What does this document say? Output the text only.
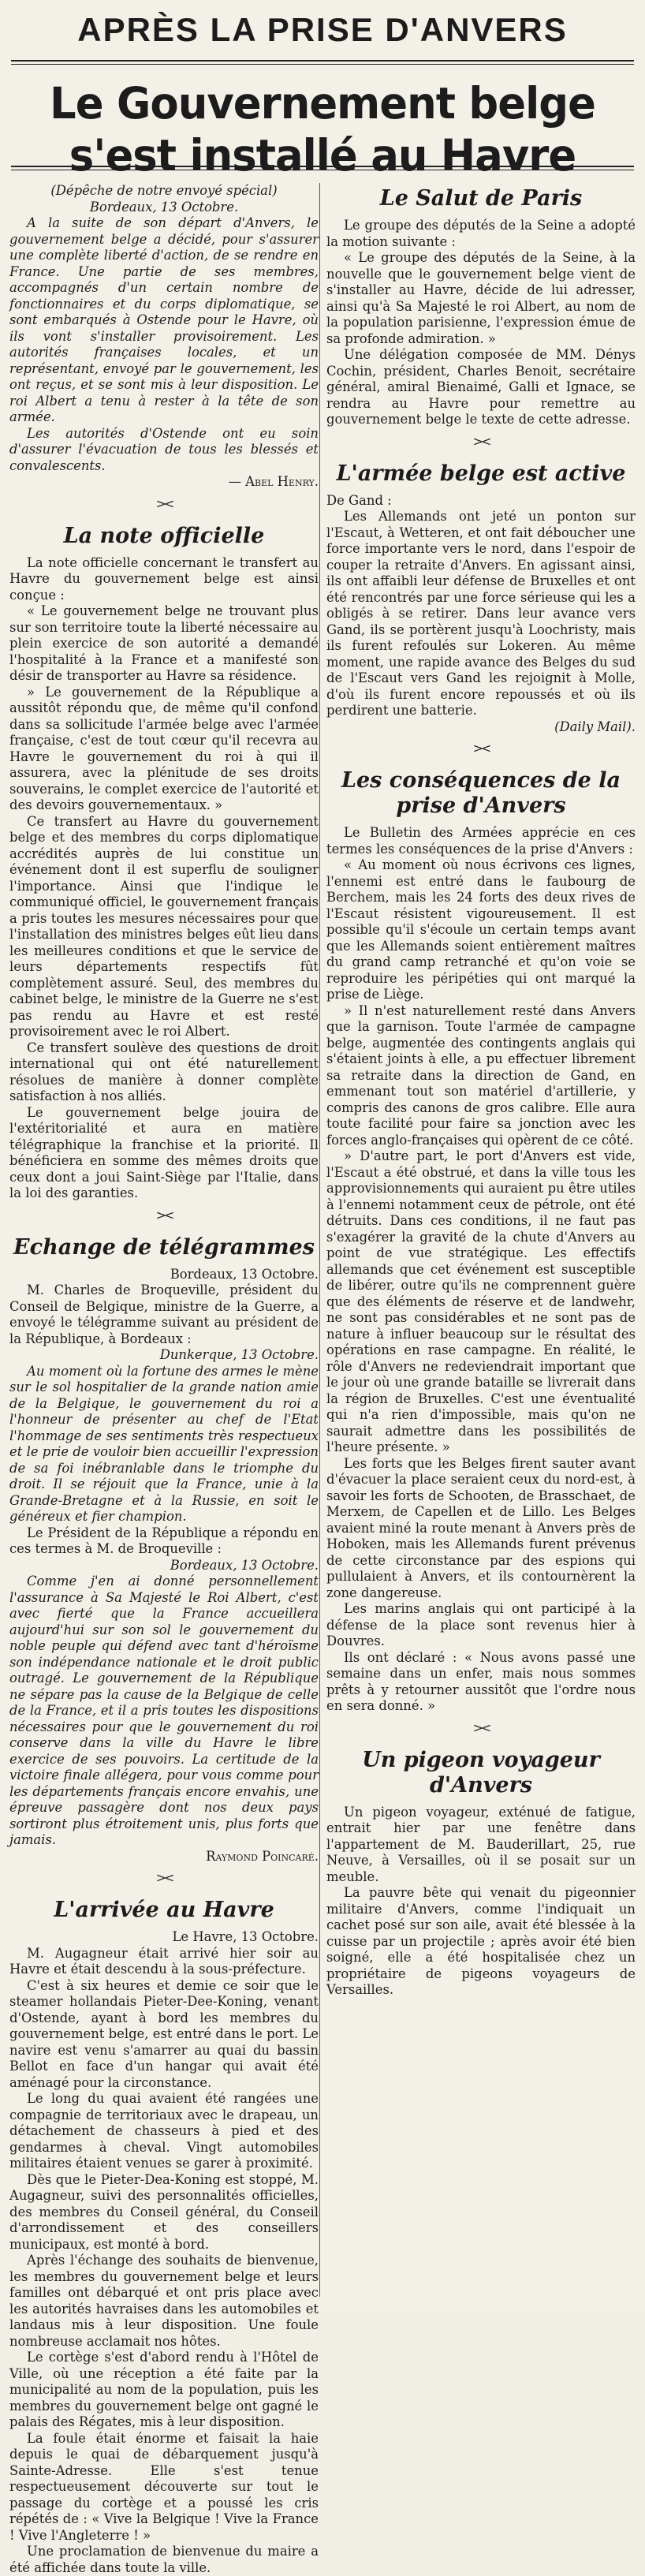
APRÈS LA PRISE D'ANVERS
Le Gouvernement belge s'est installé au Havre

(Dépêche de notre envoyé spécial)

Bordeaux, 13 Octobre.

A la suite de son départ d'Anvers, le gouvernement belge a décidé, pour s'assurer une complète liberté d'action, de se rendre en France. Une partie de ses membres, accompagnés d'un certain nombre de fonctionnaires et du corps diplomatique, se sont embarqués à Ostende pour le Havre, où ils vont s'installer provisoirement. Les autorités françaises locales, et un représentant, envoyé par le gouvernement, les ont reçus, et se sont mis à leur disposition. Le roi Albert a tenu à rester à la tête de son armée.

Les autorités d'Ostende ont eu soin d'assurer l'évacuation de tous les blessés et convalescents.

— Abel Henry.

><
La note officielle

La note officielle concernant le transfert au Havre du gouvernement belge est ainsi conçue :

« Le gouvernement belge ne trouvant plus sur son territoire toute la liberté nécessaire au plein exercice de son autorité a demandé l'hospitalité à la France et a manifesté son désir de transporter au Havre sa résidence.

» Le gouvernement de la République a aussitôt répondu que, de même qu'il confond dans sa sollicitude l'armée belge avec l'armée française, c'est de tout cœur qu'il recevra au Havre le gouvernement du roi à qui il assurera, avec la plénitude de ses droits souverains, le complet exercice de l'autorité et des devoirs gouvernementaux. »

Ce transfert au Havre du gouvernement belge et des membres du corps diplomatique accrédités auprès de lui constitue un événement dont il est superflu de souligner l'importance. Ainsi que l'indique le communiqué officiel, le gouvernement français a pris toutes les mesures nécessaires pour que l'installation des ministres belges eût lieu dans les meilleures conditions et que le service de leurs départements respectifs fût complètement assuré. Seul, des membres du cabinet belge, le ministre de la Guerre ne s'est pas rendu au Havre et est resté provisoirement avec le roi Albert.

Ce transfert soulève des questions de droit international qui ont été naturellement résolues de manière à donner complète satisfaction à nos alliés.

Le gouvernement belge jouira de l'extéritorialité et aura en matière télégraphique la franchise et la priorité. Il bénéficiera en somme des mêmes droits que ceux dont a joui Saint-Siège par l'Italie, dans la loi des garanties.

><
Echange de télégrammes

Bordeaux, 13 Octobre.

M. Charles de Broqueville, président du Conseil de Belgique, ministre de la Guerre, a envoyé le télégramme suivant au président de la République, à Bordeaux :

Dunkerque, 13 Octobre.

Au moment où la fortune des armes le mène sur le sol hospitalier de la grande nation amie de la Belgique, le gouvernement du roi a l'honneur de présenter au chef de l'Etat l'hommage de ses sentiments très respectueux et le prie de vouloir bien accueillir l'expression de sa foi inébranlable dans le triomphe du droit. Il se réjouit que la France, unie à la Grande-Bretagne et à la Russie, en soit le généreux et fier champion.

Le Président de la République a répondu en ces termes à M. de Broqueville :

Bordeaux, 13 Octobre.

Comme j'en ai donné personnellement l'assurance à Sa Majesté le Roi Albert, c'est avec fierté que la France accueillera aujourd'hui sur son sol le gouvernement du noble peuple qui défend avec tant d'héroïsme son indépendance nationale et le droit public outragé. Le gouvernement de la République ne sépare pas la cause de la Belgique de celle de la France, et il a pris toutes les dispositions nécessaires pour que le gouvernement du roi conserve dans la ville du Havre le libre exercice de ses pouvoirs. La certitude de la victoire finale allégera, pour vous comme pour les départements français encore envahis, une épreuve passagère dont nos deux pays sortiront plus étroitement unis, plus forts que jamais.

Raymond Poincaré.

><
L'arrivée au Havre

Le Havre, 13 Octobre.

M. Augagneur était arrivé hier soir au Havre et était descendu à la sous-préfecture.

C'est à six heures et demie ce soir que le steamer hollandais Pieter-Dee-Koning, venant d'Ostende, ayant à bord les membres du gouvernement belge, est entré dans le port. Le navire est venu s'amarrer au quai du bassin Bellot en face d'un hangar qui avait été aménagé pour la circonstance.

Le long du quai avaient été rangées une compagnie de territoriaux avec le drapeau, un détachement de chasseurs à pied et des gendarmes à cheval. Vingt automobiles militaires étaient venues se garer à proximité.

Dès que le Pieter-Dea-Koning est stoppé, M. Augagneur, suivi des personnalités officielles, des membres du Conseil général, du Conseil d'arrondissement et des conseillers municipaux, est monté à bord.

Après l'échange des souhaits de bienvenue, les membres du gouvernement belge et leurs familles ont débarqué et ont pris place avec les autorités havraises dans les automobiles et landaus mis à leur disposition. Une foule nombreuse acclamait nos hôtes.

Le cortège s'est d'abord rendu à l'Hôtel de Ville, où une réception a été faite par la municipalité au nom de la population, puis les membres du gouvernement belge ont gagné le palais des Régates, mis à leur disposition.

La foule était énorme et faisait la haie depuis le quai de débarquement jusqu'à Sainte-Adresse. Elle s'est tenue respectueusement découverte sur tout le passage du cortège et a poussé les cris répétés de : « Vive la Belgique ! Vive la France ! Vive l'Angleterre ! »

Une proclamation de bienvenue du maire a été affichée dans toute la ville.

Le Salut de Paris

Le groupe des députés de la Seine a adopté la motion suivante :

« Le groupe des députés de la Seine, à la nouvelle que le gouvernement belge vient de s'installer au Havre, décide de lui adresser, ainsi qu'à Sa Majesté le roi Albert, au nom de la population parisienne, l'expression émue de sa profonde admiration. »

Une délégation composée de MM. Dénys Cochin, président, Charles Benoit, secrétaire général, amiral Bienaimé, Galli et Ignace, se rendra au Havre pour remettre au gouvernement belge le texte de cette adresse.

><
L'armée belge est active

De Gand :

Les Allemands ont jeté un ponton sur l'Escaut, à Wetteren, et ont fait déboucher une force importante vers le nord, dans l'espoir de couper la retraite d'Anvers. En agissant ainsi, ils ont affaibli leur défense de Bruxelles et ont été rencontrés par une force sérieuse qui les a obligés à se retirer. Dans leur avance vers Gand, ils se portèrent jusqu'à Loochristy, mais ils furent refoulés sur Lokeren. Au même moment, une rapide avance des Belges du sud de l'Escaut vers Gand les rejoignit à Molle, d'où ils furent encore repoussés et où ils perdirent une batterie.

(Daily Mail).

><
Les conséquences de la prise d'Anvers

Le Bulletin des Armées apprécie en ces termes les conséquences de la prise d'Anvers :

« Au moment où nous écrivons ces lignes, l'ennemi est entré dans le faubourg de Berchem, mais les 24 forts des deux rives de l'Escaut résistent vigoureusement. Il est possible qu'il s'écoule un certain temps avant que les Allemands soient entièrement maîtres du grand camp retranché et qu'on voie se reproduire les péripéties qui ont marqué la prise de Liège.

» Il n'est naturellement resté dans Anvers que la garnison. Toute l'armée de campagne belge, augmentée des contingents anglais qui s'étaient joints à elle, a pu effectuer librement sa retraite dans la direction de Gand, en emmenant tout son matériel d'artillerie, y compris des canons de gros calibre. Elle aura toute facilité pour faire sa jonction avec les forces anglo-françaises qui opèrent de ce côté.

» D'autre part, le port d'Anvers est vide, l'Escaut a été obstrué, et dans la ville tous les approvisionnements qui auraient pu être utiles à l'ennemi notamment ceux de pétrole, ont été détruits. Dans ces conditions, il ne faut pas s'exagérer la gravité de la chute d'Anvers au point de vue stratégique. Les effectifs allemands que cet événement est susceptible de libérer, outre qu'ils ne comprennent guère que des éléments de réserve et de landwehr, ne sont pas considérables et ne sont pas de nature à influer beaucoup sur le résultat des opérations en rase campagne. En réalité, le rôle d'Anvers ne redeviendrait important que le jour où une grande bataille se livrerait dans la région de Bruxelles. C'est une éventualité qui n'a rien d'impossible, mais qu'on ne saurait admettre dans les possibilités de l'heure présente. »

Les forts que les Belges firent sauter avant d'évacuer la place seraient ceux du nord-est, à savoir les forts de Schooten, de Brasschaet, de Merxem, de Capellen et de Lillo. Les Belges avaient miné la route menant à Anvers près de Hoboken, mais les Allemands furent prévenus de cette circonstance par des espions qui pullulaient à Anvers, et ils contournèrent la zone dangereuse.

Les marins anglais qui ont participé à la défense de la place sont revenus hier à Douvres.

Ils ont déclaré : « Nous avons passé une semaine dans un enfer, mais nous sommes prêts à y retourner aussitôt que l'ordre nous en sera donné. »

><
Un pigeon voyageur d'Anvers

Un pigeon voyageur, exténué de fatigue, entrait hier par une fenêtre dans l'appartement de M. Bauderillart, 25, rue Neuve, à Versailles, où il se posait sur un meuble.

La pauvre bête qui venait du pigeonnier militaire d'Anvers, comme l'indiquait un cachet posé sur son aile, avait été blessée à la cuisse par un projectile ; après avoir été bien soigné, elle a été hospitalisée chez un propriétaire de pigeons voyageurs de Versailles.
